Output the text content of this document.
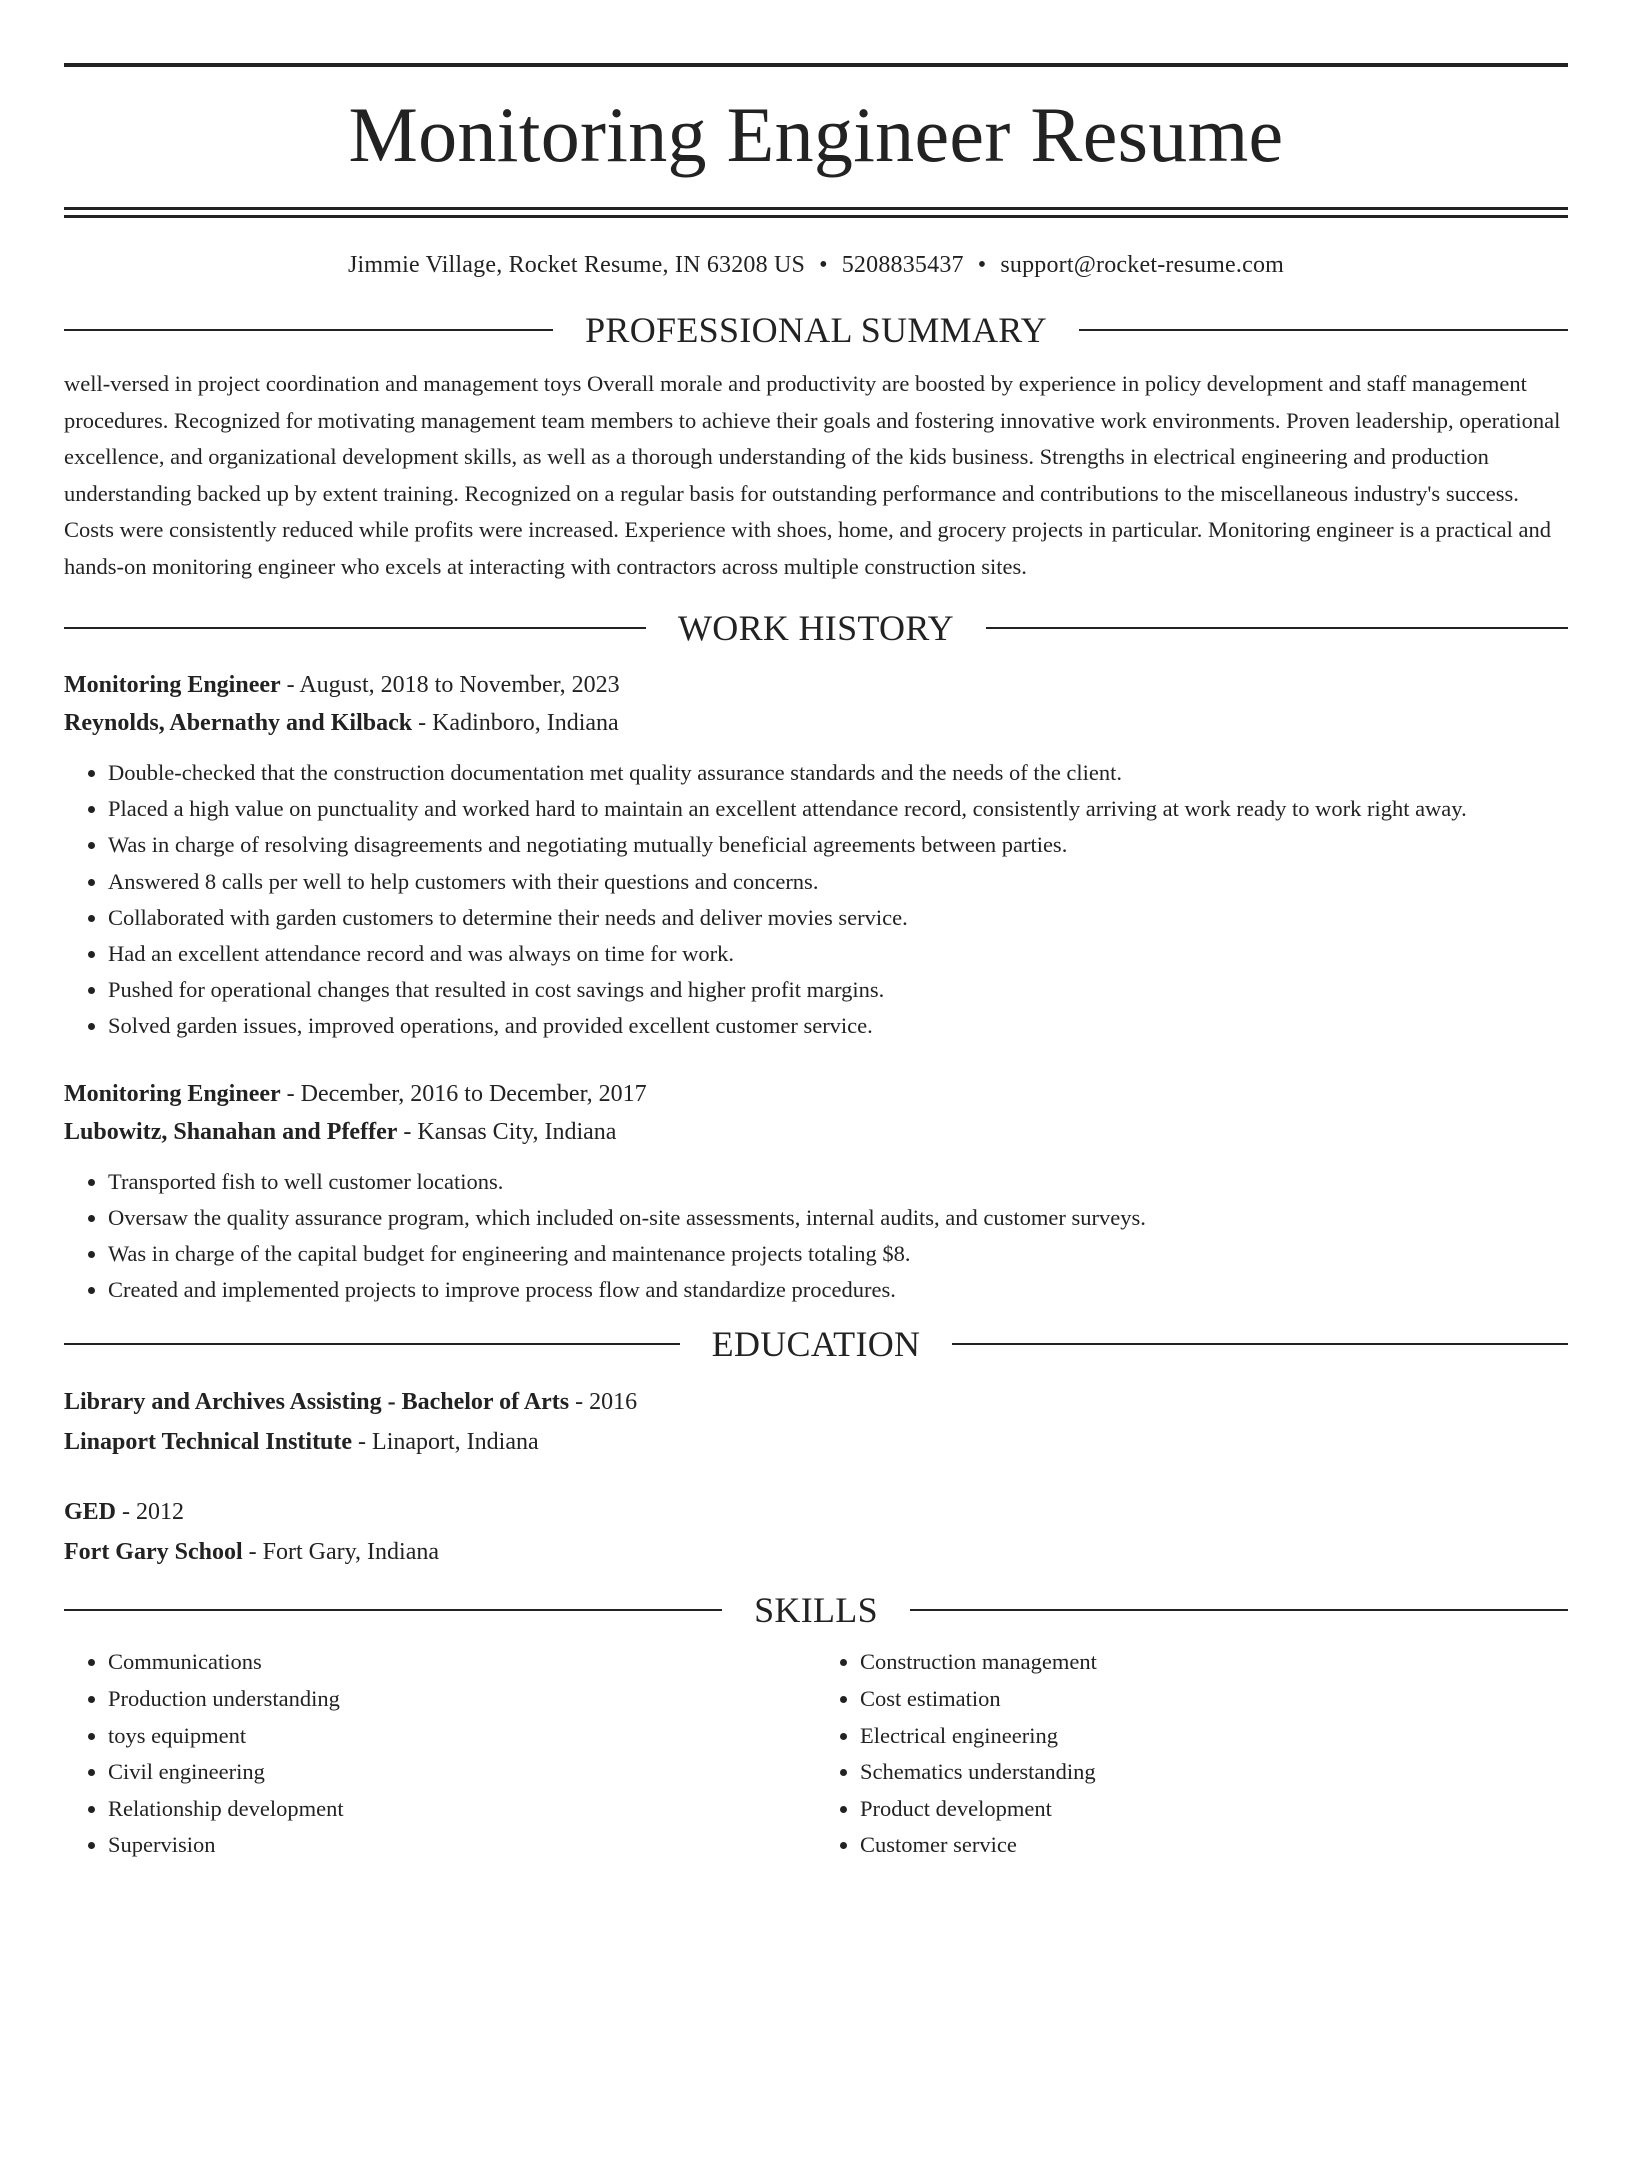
Monitoring Engineer Resume
Jimmie Village, Rocket Resume, IN 63208 US • 5208835437 • support@rocket-resume.com
PROFESSIONAL SUMMARY
well-versed in project coordination and management toys Overall morale and productivity are boosted by experience in policy development and staff management procedures. Recognized for motivating management team members to achieve their goals and fostering innovative work environments. Proven leadership, operational excellence, and organizational development skills, as well as a thorough understanding of the kids business. Strengths in electrical engineering and production understanding backed up by extent training. Recognized on a regular basis for outstanding performance and contributions to the miscellaneous industry's success. Costs were consistently reduced while profits were increased. Experience with shoes, home, and grocery projects in particular. Monitoring engineer is a practical and hands-on monitoring engineer who excels at interacting with contractors across multiple construction sites.
WORK HISTORY
Monitoring Engineer - August, 2018 to November, 2023
Reynolds, Abernathy and Kilback - Kadinboro, Indiana
• Double-checked that the construction documentation met quality assurance standards and the needs of the client.
• Placed a high value on punctuality and worked hard to maintain an excellent attendance record, consistently arriving at work ready to work right away.
• Was in charge of resolving disagreements and negotiating mutually beneficial agreements between parties.
• Answered 8 calls per well to help customers with their questions and concerns.
• Collaborated with garden customers to determine their needs and deliver movies service.
• Had an excellent attendance record and was always on time for work.
• Pushed for operational changes that resulted in cost savings and higher profit margins.
• Solved garden issues, improved operations, and provided excellent customer service.
Monitoring Engineer - December, 2016 to December, 2017
Lubowitz, Shanahan and Pfeffer - Kansas City, Indiana
• Transported fish to well customer locations.
• Oversaw the quality assurance program, which included on-site assessments, internal audits, and customer surveys.
• Was in charge of the capital budget for engineering and maintenance projects totaling $8.
• Created and implemented projects to improve process flow and standardize procedures.
EDUCATION
Library and Archives Assisting - Bachelor of Arts - 2016
Linaport Technical Institute - Linaport, Indiana
GED - 2012
Fort Gary School - Fort Gary, Indiana
SKILLS
• Communications
• Production understanding
• toys equipment
• Civil engineering
• Relationship development
• Supervision
• Construction management
• Cost estimation
• Electrical engineering
• Schematics understanding
• Product development
• Customer service
